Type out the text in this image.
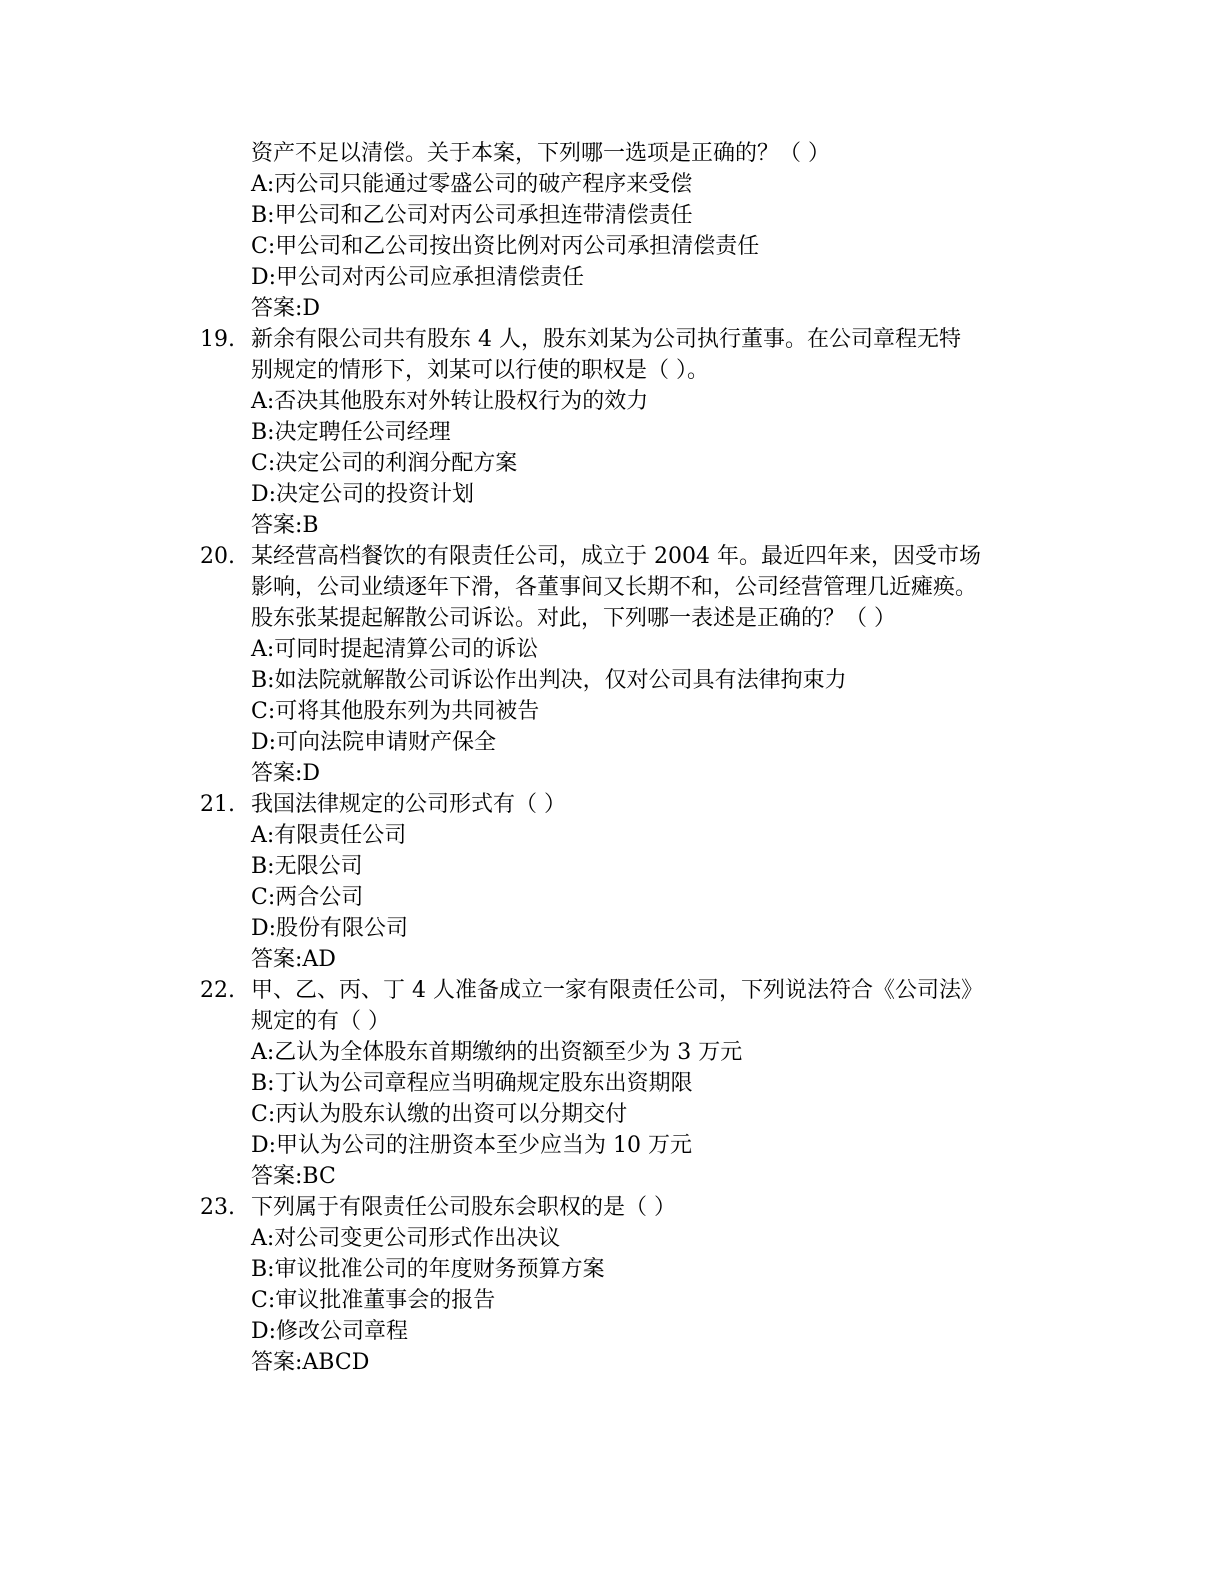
资产不足以清偿。关于本案，下列哪一选项是正确的？（ ）
A:丙公司只能通过零盛公司的破产程序来受偿
B:甲公司和乙公司对丙公司承担连带清偿责任
C:甲公司和乙公司按出资比例对丙公司承担清偿责任
D:甲公司对丙公司应承担清偿责任
答案:D
19. 新余有限公司共有股东 4 人，股东刘某为公司执行董事。在公司章程无特
别规定的情形下，刘某可以行使的职权是（ ）。
A:否决其他股东对外转让股权行为的效力
B:决定聘任公司经理
C:决定公司的利润分配方案
D:决定公司的投资计划
答案:B
20. 某经营高档餐饮的有限责任公司，成立于 2004 年。最近四年来，因受市场
影响，公司业绩逐年下滑，各董事间又长期不和，公司经营管理几近瘫痪。
股东张某提起解散公司诉讼。对此，下列哪一表述是正确的？（ ）
A:可同时提起清算公司的诉讼
B:如法院就解散公司诉讼作出判决，仅对公司具有法律拘束力
C:可将其他股东列为共同被告
D:可向法院申请财产保全
答案:D
21. 我国法律规定的公司形式有（ ）
A:有限责任公司
B:无限公司
C:两合公司
D:股份有限公司
答案:AD
22. 甲、乙、丙、丁 4 人准备成立一家有限责任公司，下列说法符合《公司法》
规定的有（ ）
A:乙认为全体股东首期缴纳的出资额至少为 3 万元
B:丁认为公司章程应当明确规定股东出资期限
C:丙认为股东认缴的出资可以分期交付
D:甲认为公司的注册资本至少应当为 10 万元
答案:BC
23. 下列属于有限责任公司股东会职权的是（ ）
A:对公司变更公司形式作出决议
B:审议批准公司的年度财务预算方案
C:审议批准董事会的报告
D:修改公司章程
答案:ABCD
